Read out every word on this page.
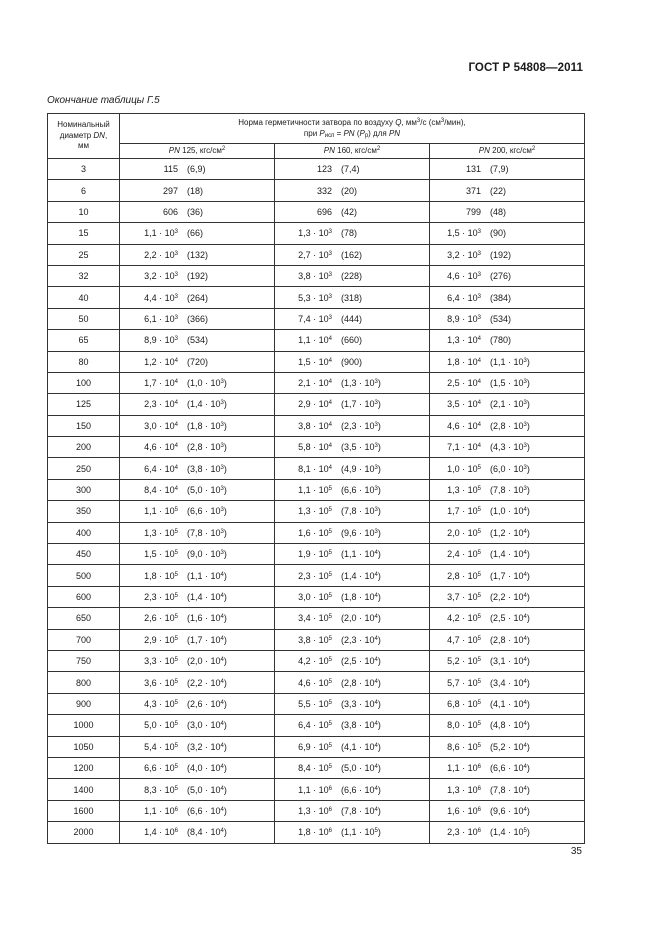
ГОСТ Р 54808—2011
Окончание таблицы Г.5
Номинальный
диаметр DN,
мм	Норма герметичности затвора по воздуху Q, $мм^3/с$ $(см^3/мин)$,
при $P_{исп}$ = PN $(P_р)$ для PN		
	PN 125, кгс/$см^2$	PN 160, кгс/$см^2$	PN 200, кгс/$см^2$
3	115 (6,9)	123 (7,4)	131 (7,9)

6	297 (18)	332 (20)	371 (22)

10	606 (36)	696 (42)	799 (48)

15	$1,1 \cdot 10^3$ (66)	$1,3 \cdot 10^3$ (78)	$1,5 \cdot 10^3$ (90)

25	$2,2 \cdot 10^3$ (132)	$2,7 \cdot 10^3$ (162)	$3,2 \cdot 10^3$ (192)

32	$3,2 \cdot 10^3$ (192)	$3,8 \cdot 10^3$ (228)	$4,6 \cdot 10^3$ (276)

40	$4,4 \cdot 10^3$ (264)	$5,3 \cdot 10^3$ (318)	$6,4 \cdot 10^3$ (384)

50	$6,1 \cdot 10^3$ (366)	$7,4 \cdot 10^3$ (444)	$8,9 \cdot 10^3$ (534)

65	$8,9 \cdot 10^3$ (534)	$1,1 \cdot 10^4$ (660)	$1,3 \cdot 10^4$ (780)

80	$1,2 \cdot 10^4$ (720)	$1,5 \cdot 10^4$ (900)	$1,8 \cdot 10^4$ $(1,1 \cdot 10^3)$

100	$1,7 \cdot 10^4$ $(1,0 \cdot 10^3)$	$2,1 \cdot 10^4$ $(1,3 \cdot 10^3)$	$2,5 \cdot 10^4$ $(1,5 \cdot 10^3)$

125	$2,3 \cdot 10^4$ $(1,4 \cdot 10^3)$	$2,9 \cdot 10^4$ $(1,7 \cdot 10^3)$	$3,5 \cdot 10^4$ $(2,1 \cdot 10^3)$

150	$3,0 \cdot 10^4$ $(1,8 \cdot 10^3)$	$3,8 \cdot 10^4$ $(2,3 \cdot 10^3)$	$4,6 \cdot 10^4$ $(2,8 \cdot 10^3)$

200	$4,6 \cdot 10^4$ $(2,8 \cdot 10^3)$	$5,8 \cdot 10^4$ $(3,5 \cdot 10^3)$	$7,1 \cdot 10^4$ $(4,3 \cdot 10^3)$

250	$6,4 \cdot 10^4$ $(3,8 \cdot 10^3)$	$8,1 \cdot 10^4$ $(4,9 \cdot 10^3)$	$1,0 \cdot 10^5$ $(6,0 \cdot 10^3)$

300	$8,4 \cdot 10^4$ $(5,0 \cdot 10^3)$	$1,1 \cdot 10^5$ $(6,6 \cdot 10^3)$	$1,3 \cdot 10^5$ $(7,8 \cdot 10^3)$

350	$1,1 \cdot 10^5$ $(6,6 \cdot 10^3)$	$1,3 \cdot 10^5$ $(7,8 \cdot 10^3)$	$1,7 \cdot 10^5$ $(1,0 \cdot 10^4)$

400	$1,3 \cdot 10^5$ $(7,8 \cdot 10^3)$	$1,6 \cdot 10^5$ $(9,6 \cdot 10^3)$	$2,0 \cdot 10^5$ $(1,2 \cdot 10^4)$

450	$1,5 \cdot 10^5$ $(9,0 \cdot 10^3)$	$1,9 \cdot 10^5$ $(1,1 \cdot 10^4)$	$2,4 \cdot 10^5$ $(1,4 \cdot 10^4)$

500	$1,8 \cdot 10^5$ $(1,1 \cdot 10^4)$	$2,3 \cdot 10^5$ $(1,4 \cdot 10^4)$	$2,8 \cdot 10^5$ $(1,7 \cdot 10^4)$

600	$2,3 \cdot 10^5$ $(1,4 \cdot 10^4)$	$3,0 \cdot 10^5$ $(1,8 \cdot 10^4)$	$3,7 \cdot 10^5$ $(2,2 \cdot 10^4)$

650	$2,6 \cdot 10^5$ $(1,6 \cdot 10^4)$	$3,4 \cdot 10^5$ $(2,0 \cdot 10^4)$	$4,2 \cdot 10^5$ $(2,5 \cdot 10^4)$

700	$2,9 \cdot 10^5$ $(1,7 \cdot 10^4)$	$3,8 \cdot 10^5$ $(2,3 \cdot 10^4)$	$4,7 \cdot 10^5$ $(2,8 \cdot 10^4)$

750	$3,3 \cdot 10^5$ $(2,0 \cdot 10^4)$	$4,2 \cdot 10^5$ $(2,5 \cdot 10^4)$	$5,2 \cdot 10^5$ $(3,1 \cdot 10^4)$

800	$3,6 \cdot 10^5$ $(2,2 \cdot 10^4)$	$4,6 \cdot 10^5$ $(2,8 \cdot 10^4)$	$5,7 \cdot 10^5$ $(3,4 \cdot 10^4)$

900	$4,3 \cdot 10^5$ $(2,6 \cdot 10^4)$	$5,5 \cdot 10^5$ $(3,3 \cdot 10^4)$	$6,8 \cdot 10^5$ $(4,1 \cdot 10^4)$

1000	$5,0 \cdot 10^5$ $(3,0 \cdot 10^4)$	$6,4 \cdot 10^5$ $(3,8 \cdot 10^4)$	$8,0 \cdot 10^5$ $(4,8 \cdot 10^4)$

1050	$5,4 \cdot 10^5$ $(3,2 \cdot 10^4)$	$6,9 \cdot 10^5$ $(4,1 \cdot 10^4)$	$8,6 \cdot 10^5$ $(5,2 \cdot 10^4)$

1200	$6,6 \cdot 10^5$ $(4,0 \cdot 10^4)$	$8,4 \cdot 10^5$ $(5,0 \cdot 10^4)$	$1,1 \cdot 10^6$ $(6,6 \cdot 10^4)$

1400	$8,3 \cdot 10^5$ $(5,0 \cdot 10^4)$	$1,1 \cdot 10^6$ $(6,6 \cdot 10^4)$	$1,3 \cdot 10^6$ $(7,8 \cdot 10^4)$

1600	$1,1 \cdot 10^6$ $(6,6 \cdot 10^4)$	$1,3 \cdot 10^6$ $(7,8 \cdot 10^4)$	$1,6 \cdot 10^6$ $(9,6 \cdot 10^4)$

2000	$1,4 \cdot 10^6$ $(8,4 \cdot 10^4)$	$1,8 \cdot 10^6$ $(1,1 \cdot 10^5)$	$2,3 \cdot 10^6$ $(1,4 \cdot 10^5)$
35
